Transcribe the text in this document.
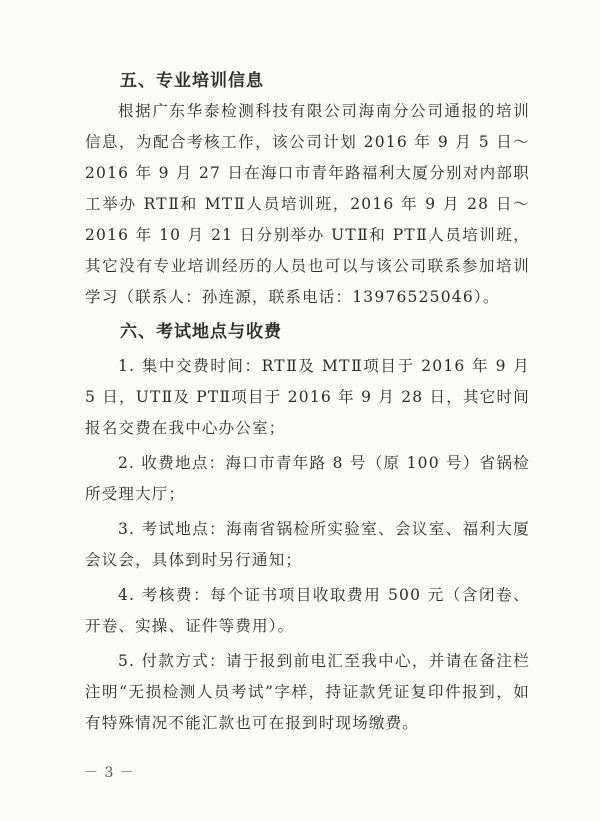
五、专业培训信息

根据广东华泰检测科技有限公司海南分公司通报的培训信息，为配合考核工作，该公司计划 2016 年 9 月 5 日～2016 年 9 月 27 日在海口市青年路福利大厦分别对内部职工举办 RTⅡ和 MTⅡ人员培训班，2016 年 9 月 28 日～2016 年 10 月 21 日分别举办 UTⅡ和 PTⅡ人员培训班，其它没有专业培训经历的人员也可以与该公司联系参加培训学习（联系人：孙连源，联系电话：13976525046）。

六、考试地点与收费

1. 集中交费时间：RTⅡ及 MTⅡ项目于 2016 年 9 月 5 日，UTⅡ及 PTⅡ项目于 2016 年 9 月 28 日，其它时间报名交费在我中心办公室；

2. 收费地点：海口市青年路 8 号（原 100 号）省锅检所受理大厅；

3. 考试地点：海南省锅检所实验室、会议室、福利大厦会议会，具体到时另行通知；

4. 考核费：每个证书项目收取费用 500 元（含闭卷、开卷、实操、证件等费用）。

5. 付款方式：请于报到前电汇至我中心，并请在备注栏注明“无损检测人员考试”字样，持证款凭证复印件报到，如有特殊情况不能汇款也可在报到时现场缴费。

－ 3 －
